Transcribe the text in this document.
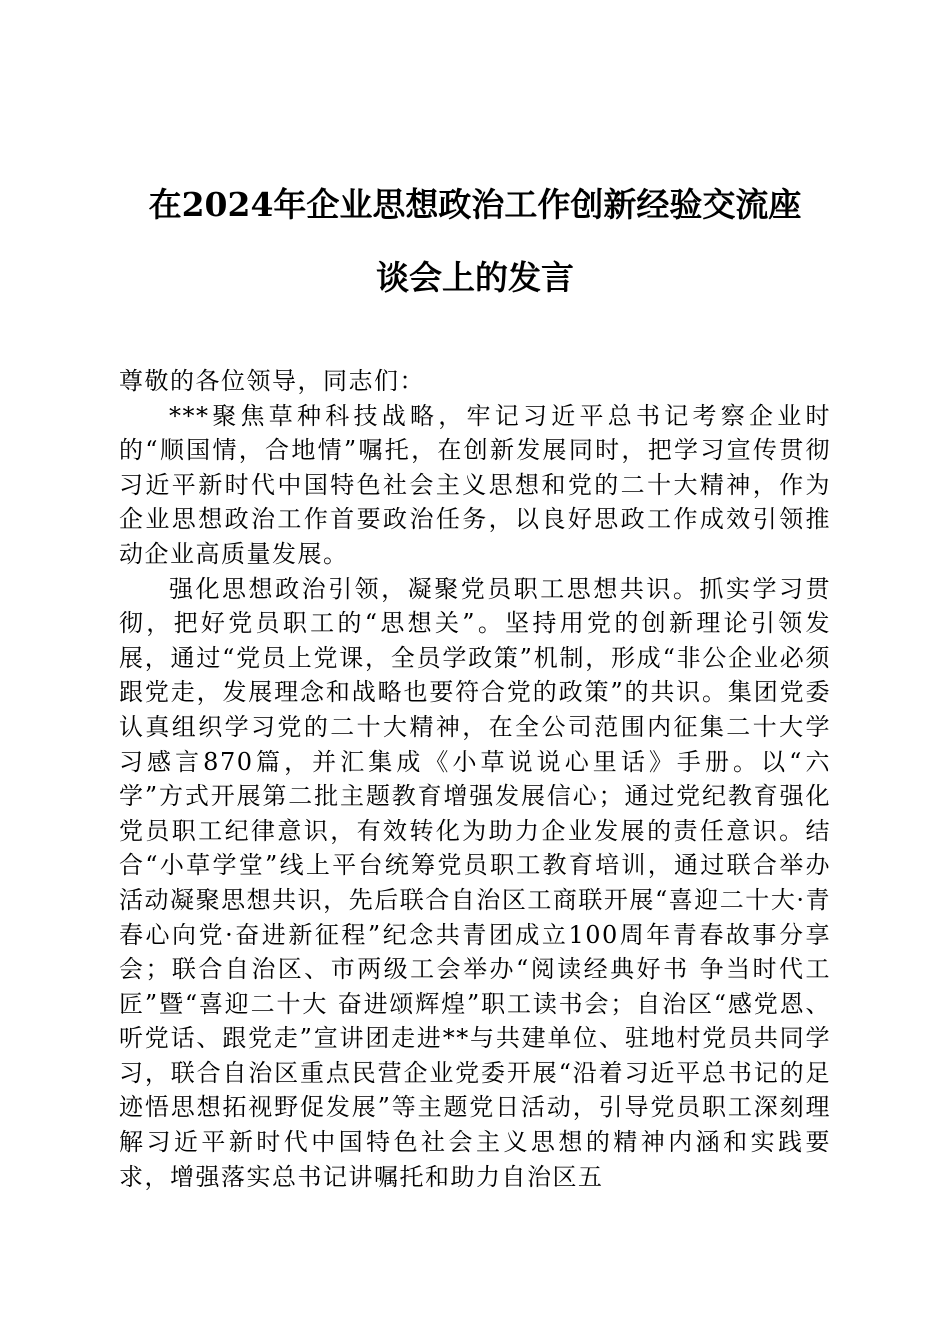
在2024年企业思想政治工作创新经验交流座
谈会上的发言

尊敬的各位领导，同志们：

***聚焦草种科技战略，牢记习近平总书记考察企业时的“顺国情，合地情”嘱托，在创新发展同时，把学习宣传贯彻习近平新时代中国特色社会主义思想和党的二十大精神，作为企业思想政治工作首要政治任务，以良好思政工作成效引领推动企业高质量发展。

强化思想政治引领，凝聚党员职工思想共识。抓实学习贯彻，把好党员职工的“思想关”。坚持用党的创新理论引领发展，通过“党员上党课，全员学政策”机制，形成“非公企业必须跟党走，发展理念和战略也要符合党的政策”的共识。集团党委认真组织学习党的二十大精神，在全公司范围内征集二十大学习感言870篇，并汇集成《小草说说心里话》手册。以“六学”方式开展第二批主题教育增强发展信心；通过党纪教育强化党员职工纪律意识，有效转化为助力企业发展的责任意识。结合“小草学堂”线上平台统筹党员职工教育培训，通过联合举办活动凝聚思想共识，先后联合自治区工商联开展“喜迎二十大·青春心向党·奋进新征程”纪念共青团成立100周年青春故事分享会；联合自治区、市两级工会举办“阅读经典好书 争当时代工匠”暨“喜迎二十大 奋进颂辉煌”职工读书会；自治区“感党恩、听党话、跟党走”宣讲团走进**与共建单位、驻地村党员共同学习，联合自治区重点民营企业党委开展“沿着习近平总书记的足迹悟思想拓视野促发展”等主题党日活动，引导党员职工深刻理解习近平新时代中国特色社会主义思想的精神内涵和实践要求，增强落实总书记讲嘱托和助力自治区五
